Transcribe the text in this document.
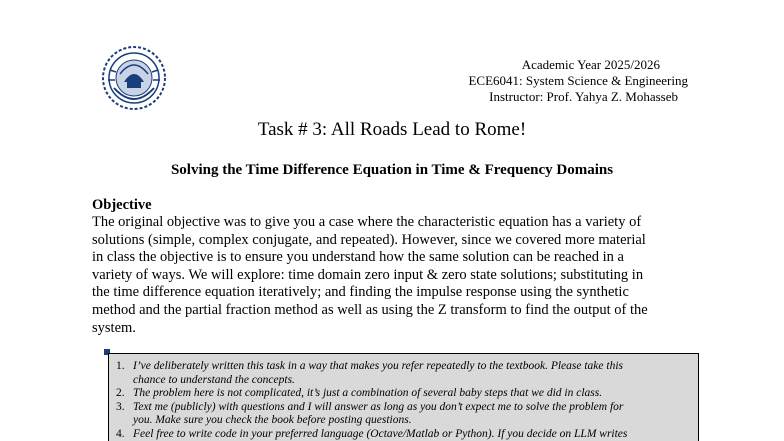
Academic Year 2025/2026
ECE6041: System Science & Engineering
Instructor: Prof. Yahya Z. Mohasseb
Task # 3: All Roads Lead to Rome!
Solving the Time Difference Equation in Time & Frequency Domains
Objective
The original objective was to give you a case where the characteristic equation has a variety of
solutions (simple, complex conjugate, and repeated). However, since we covered more material
in class the objective is to ensure you understand how the same solution can be reached in a
variety of ways. We will explore: time domain zero input & zero state solutions; substituting in
the time difference equation iteratively; and finding the impulse response using the synthetic
method and the partial fraction method as well as using the Z transform to find the output of the
system.
1. I’ve deliberately written this task in a way that makes you refer repeatedly to the textbook. Please take this
chance to understand the concepts.
2. The problem here is not complicated, it’s just a combination of several baby steps that we did in class.
3. Text me (publicly) with questions and I will answer as long as you don’t expect me to solve the problem for
you. Make sure you check the book before posting questions.
4. Feel free to write code in your preferred language (Octave/Matlab or Python). If you decide on LLM writes
